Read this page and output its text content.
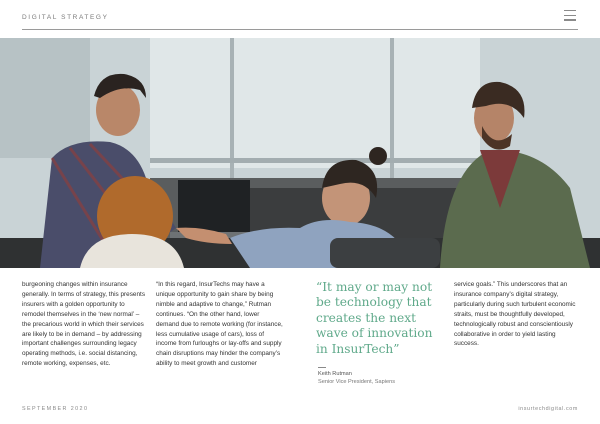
DIGITAL STRATEGY

burgeoning changes within insurance generally. In terms of strategy, this presents insurers with a golden opportunity to remodel themselves in the ‘new normal’ – the precarious world in which their services are likely to be in demand – by addressing important challenges surrounding legacy operating methods, i.e. social distancing, remote working, expenses, etc.

“In this regard, InsurTechs may have a unique opportunity to gain share by being nimble and adaptive to change,” Rutman continues. “On the other hand, lower demand due to remote working (for instance, less cumulative usage of cars), loss of income from furloughs or lay-offs and supply chain disruptions may hinder the company’s ability to meet growth and customer

“It may or may not be technology that creates the next wave of innovation in InsurTech”
Keith Rutman
Senior Vice President, Sapiens

service goals.” This underscores that an insurance company’s digital strategy, particularly during such turbulent economic straits, must be thoughtfully developed, technologically robust and conscientiously collaborative in order to yield lasting success.

SEPTEMBER 2020	insurtechdigital.com
